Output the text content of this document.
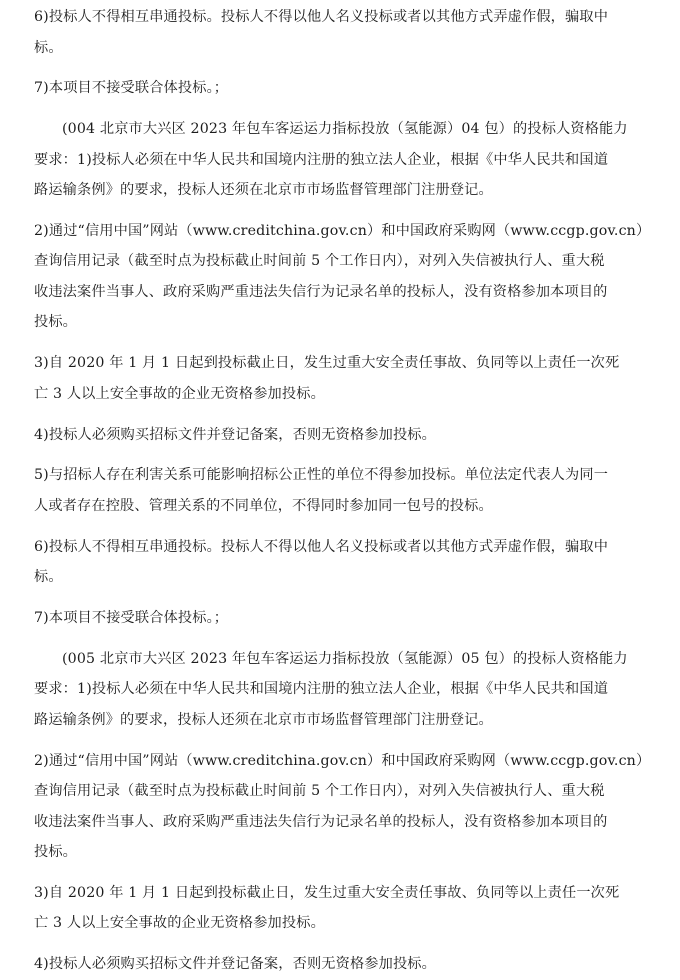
6)投标人不得相互串通投标。投标人不得以他人名义投标或者以其他方式弄虚作假，骗取中
标。
7)本项目不接受联合体投标。；
(004 北京市大兴区 2023 年包车客运运力指标投放（氢能源）04 包）的投标人资格能力
要求：1)投标人必须在中华人民共和国境内注册的独立法人企业，根据《中华人民共和国道
路运输条例》的要求，投标人还须在北京市市场监督管理部门注册登记。
2)通过“信用中国”网站（www.creditchina.gov.cn）和中国政府采购网（www.ccgp.gov.cn）
查询信用记录（截至时点为投标截止时间前 5 个工作日内），对列入失信被执行人、重大税
收违法案件当事人、政府采购严重违法失信行为记录名单的投标人，没有资格参加本项目的
投标。
3)自 2020 年 1 月 1 日起到投标截止日，发生过重大安全责任事故、负同等以上责任一次死
亡 3 人以上安全事故的企业无资格参加投标。
4)投标人必须购买招标文件并登记备案，否则无资格参加投标。
5)与招标人存在利害关系可能影响招标公正性的单位不得参加投标。单位法定代表人为同一
人或者存在控股、管理关系的不同单位，不得同时参加同一包号的投标。
6)投标人不得相互串通投标。投标人不得以他人名义投标或者以其他方式弄虚作假，骗取中
标。
7)本项目不接受联合体投标。；
(005 北京市大兴区 2023 年包车客运运力指标投放（氢能源）05 包）的投标人资格能力
要求：1)投标人必须在中华人民共和国境内注册的独立法人企业，根据《中华人民共和国道
路运输条例》的要求，投标人还须在北京市市场监督管理部门注册登记。
2)通过“信用中国”网站（www.creditchina.gov.cn）和中国政府采购网（www.ccgp.gov.cn）
查询信用记录（截至时点为投标截止时间前 5 个工作日内），对列入失信被执行人、重大税
收违法案件当事人、政府采购严重违法失信行为记录名单的投标人，没有资格参加本项目的
投标。
3)自 2020 年 1 月 1 日起到投标截止日，发生过重大安全责任事故、负同等以上责任一次死
亡 3 人以上安全事故的企业无资格参加投标。
4)投标人必须购买招标文件并登记备案，否则无资格参加投标。
